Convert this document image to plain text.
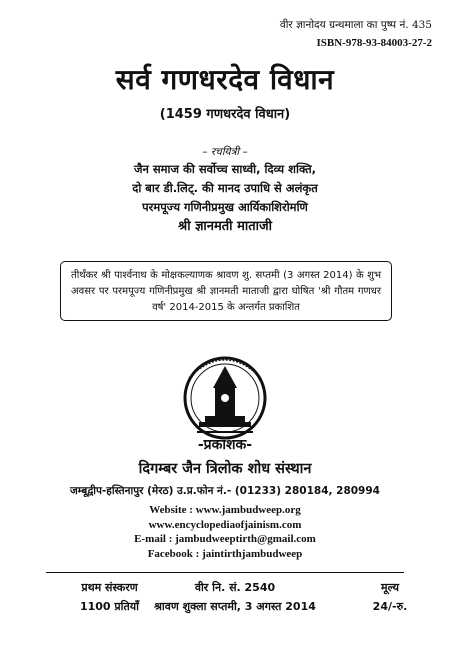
वीर ज्ञानोदय ग्रन्थमाला का पुष्प नं. 435
ISBN-978-93-84003-27-2
सर्व गणधरदेव विधान
(1459 गणधरदेव विधान)
– रचयित्री –
जैन समाज की सर्वोच्च साध्वी, दिव्य शक्ति,
दो बार डी.लिट्. की मानद उपाधि से अलंकृत
परमपूज्य गणिनीप्रमुख आर्यिकाशिरोमणि
श्री ज्ञानमती माताजी
तीर्थंकर श्री पार्श्वनाथ के मोक्षकल्याणक श्रावण शु. सप्तमी (3 अगस्त 2014) के शुभ अवसर पर परमपूज्य गणिनीप्रमुख श्री ज्ञानमती माताजी द्वारा घोषित 'श्री गौतम गणधर वर्ष' 2014-2015 के अन्तर्गत प्रकाशित
-प्रकाशक-
दिगम्बर जैन त्रिलोक शोध संस्थान
जम्बूद्वीप-हस्तिनापुर (मेरठ) उ.प्र.फोन नं.- (01233) 280184, 280994
Website : www.jambudweep.org
www.encyclopediaofjainism.com
E-mail : jambudweeptirth@gmail.com
Facebook : jaintirthjambudweep
प्रथम संस्करण
1100 प्रतियाँ
वीर नि. सं. 2540
श्रावण शुक्ला सप्तमी, 3 अगस्त 2014
मूल्य
24/-रु.
